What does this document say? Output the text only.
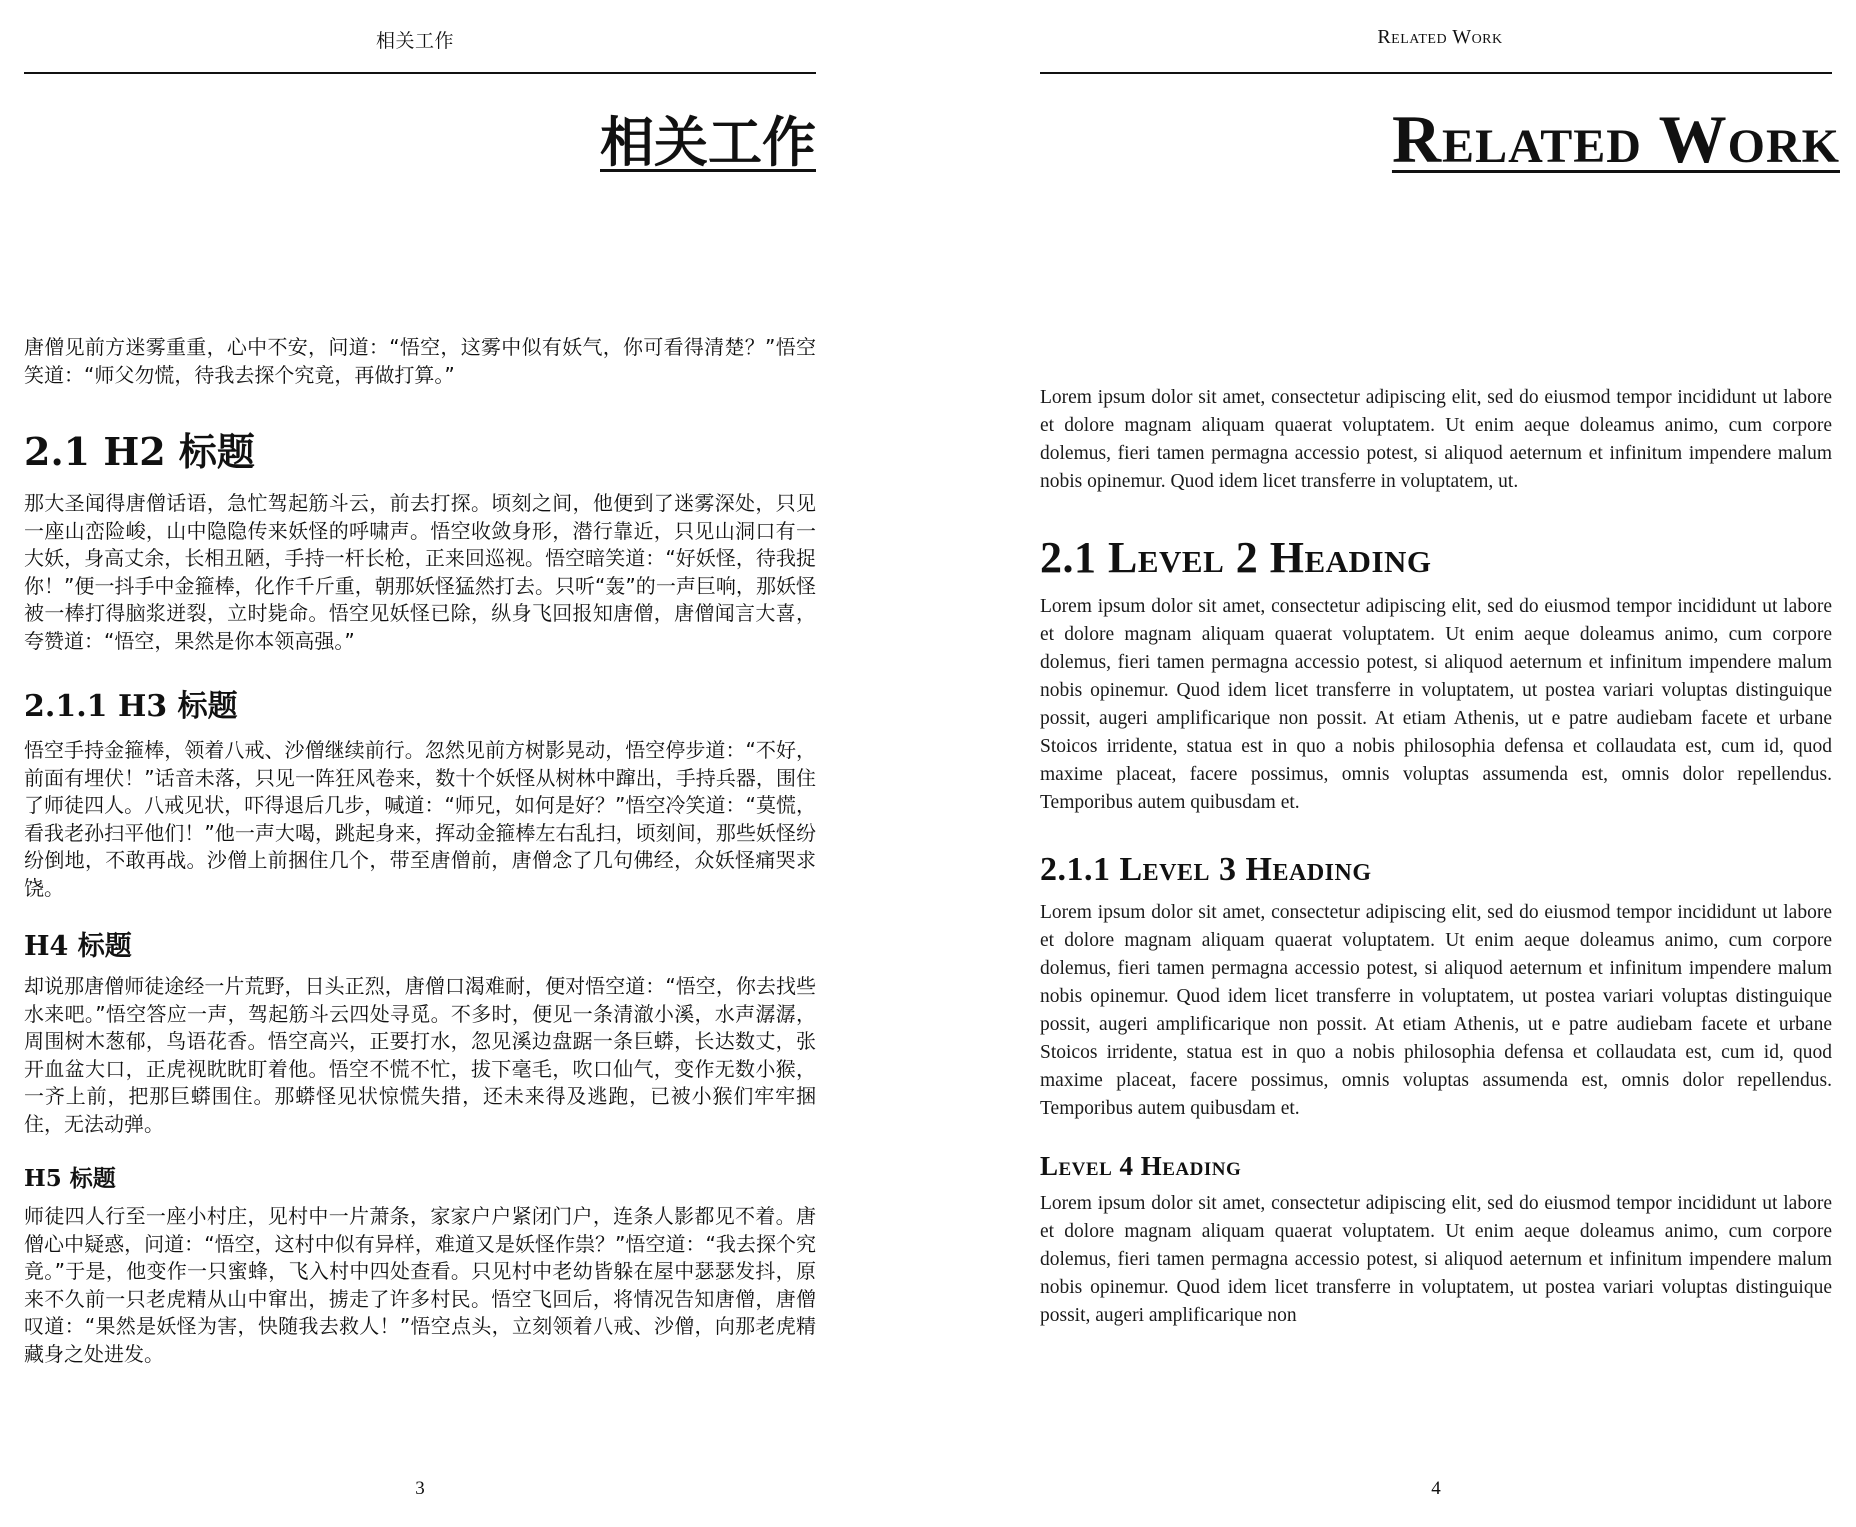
相关工作
相关工作

唐僧见前方迷雾重重，心中不安，问道：“悟空，这雾中似有妖气，你可看得清楚？”悟空笑道：“师父勿慌，待我去探个究竟，再做打算。”

2.1 H2 标题

那大圣闻得唐僧话语，急忙驾起筋斗云，前去打探。顷刻之间，他便到了迷雾深处，只见一座山峦险峻，山中隐隐传来妖怪的呼啸声。悟空收敛身形，潜行靠近，只见山洞口有一大妖，身高丈余，长相丑陋，手持一杆长枪，正来回巡视。悟空暗笑道：“好妖怪，待我捉你！”便一抖手中金箍棒，化作千斤重，朝那妖怪猛然打去。只听“轰”的一声巨响，那妖怪被一棒打得脑浆迸裂，立时毙命。悟空见妖怪已除，纵身飞回报知唐僧，唐僧闻言大喜，夸赞道：“悟空，果然是你本领高强。”

2.1.1 H3 标题

悟空手持金箍棒，领着八戒、沙僧继续前行。忽然见前方树影晃动，悟空停步道：“不好，前面有埋伏！”话音未落，只见一阵狂风卷来，数十个妖怪从树林中蹿出，手持兵器，围住了师徒四人。八戒见状，吓得退后几步，喊道：“师兄，如何是好？”悟空冷笑道：“莫慌，看我老孙扫平他们！”他一声大喝，跳起身来，挥动金箍棒左右乱扫，顷刻间，那些妖怪纷纷倒地，不敢再战。沙僧上前捆住几个，带至唐僧前，唐僧念了几句佛经，众妖怪痛哭求饶。

H4 标题

却说那唐僧师徒途经一片荒野，日头正烈，唐僧口渴难耐，便对悟空道：“悟空，你去找些水来吧。”悟空答应一声，驾起筋斗云四处寻觅。不多时，便见一条清澈小溪，水声潺潺，周围树木葱郁，鸟语花香。悟空高兴，正要打水，忽见溪边盘踞一条巨蟒，长达数丈，张开血盆大口，正虎视眈眈盯着他。悟空不慌不忙，拔下毫毛，吹口仙气，变作无数小猴，一齐上前，把那巨蟒围住。那蟒怪见状惊慌失措，还未来得及逃跑，已被小猴们牢牢捆住，无法动弹。

H5 标题

师徒四人行至一座小村庄，见村中一片萧条，家家户户紧闭门户，连条人影都见不着。唐僧心中疑惑，问道：“悟空，这村中似有异样，难道又是妖怪作祟？”悟空道：“我去探个究竟。”于是，他变作一只蜜蜂，飞入村中四处查看。只见村中老幼皆躲在屋中瑟瑟发抖，原来不久前一只老虎精从山中窜出，掳走了许多村民。悟空飞回后，将情况告知唐僧，唐僧叹道：“果然是妖怪为害，快随我去救人！”悟空点头，立刻领着八戒、沙僧，向那老虎精藏身之处进发。

3
Related Work
Related Work

Lorem ipsum dolor sit amet, consectetur adipiscing elit, sed do eiusmod tempor incididunt ut labore et dolore magnam aliquam quaerat voluptatem. Ut enim aeque doleamus animo, cum corpore dolemus, fieri tamen permagna accessio potest, si aliquod aeternum et infinitum impendere malum nobis opinemur. Quod idem licet transferre in voluptatem, ut.

2.1 Level 2 Heading

Lorem ipsum dolor sit amet, consectetur adipiscing elit, sed do eiusmod tempor incididunt ut labore et dolore magnam aliquam quaerat voluptatem. Ut enim aeque doleamus animo, cum corpore dolemus, fieri tamen permagna accessio potest, si aliquod aeternum et infinitum impendere malum nobis opinemur. Quod idem licet transferre in voluptatem, ut postea variari voluptas distinguique possit, augeri amplificarique non possit. At etiam Athenis, ut e patre audiebam facete et urbane Stoicos irridente, statua est in quo a nobis philosophia defensa et collaudata est, cum id, quod maxime placeat, facere possimus, omnis voluptas assumenda est, omnis dolor repellendus. Temporibus autem quibusdam et.

2.1.1 Level 3 Heading

Lorem ipsum dolor sit amet, consectetur adipiscing elit, sed do eiusmod tempor incididunt ut labore et dolore magnam aliquam quaerat voluptatem. Ut enim aeque doleamus animo, cum corpore dolemus, fieri tamen permagna accessio potest, si aliquod aeternum et infinitum impendere malum nobis opinemur. Quod idem licet transferre in voluptatem, ut postea variari voluptas distinguique possit, augeri amplificarique non possit. At etiam Athenis, ut e patre audiebam facete et urbane Stoicos irridente, statua est in quo a nobis philosophia defensa et collaudata est, cum id, quod maxime placeat, facere possimus, omnis voluptas assumenda est, omnis dolor repellendus. Temporibus autem quibusdam et.

Level 4 Heading

Lorem ipsum dolor sit amet, consectetur adipiscing elit, sed do eiusmod tempor incididunt ut labore et dolore magnam aliquam quaerat voluptatem. Ut enim aeque doleamus animo, cum corpore dolemus, fieri tamen permagna accessio potest, si aliquod aeternum et infinitum impendere malum nobis opinemur. Quod idem licet transferre in voluptatem, ut postea variari voluptas distinguique possit, augeri amplificarique non

4
